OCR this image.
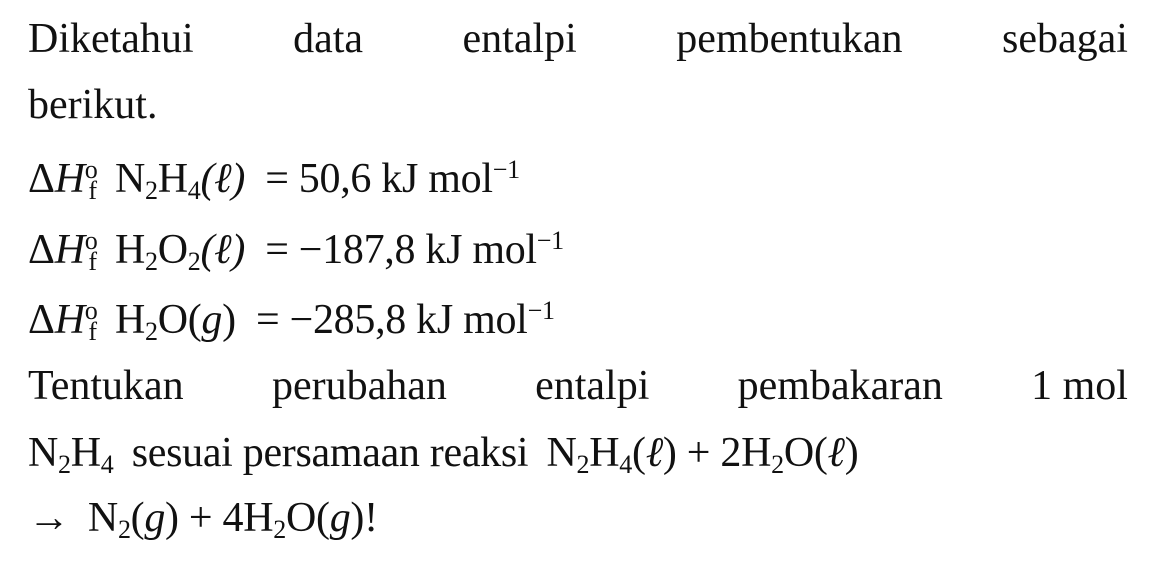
Diketahui data entalpi pembentukan sebagai
berikut.
$\Delta H^o_f$ $N_2H_4(\ell) = 50,6$ kJ mol$^{-1}$
$\Delta H^o_f$ $H_2O_2(\ell) = -187,8$ kJ mol$^{-1}$
$\Delta H^o_f$ $H_2O(g) = -285,8$ kJ mol$^{-1}$
Tentukan perubahan entalpi pembakaran 1 mol
$N_2H_4$ sesuai persamaan reaksi $N_2H_4(\ell)$ + $2H_2O(\ell)$
→ $N_2(g) + 4H_2O(g)$!
